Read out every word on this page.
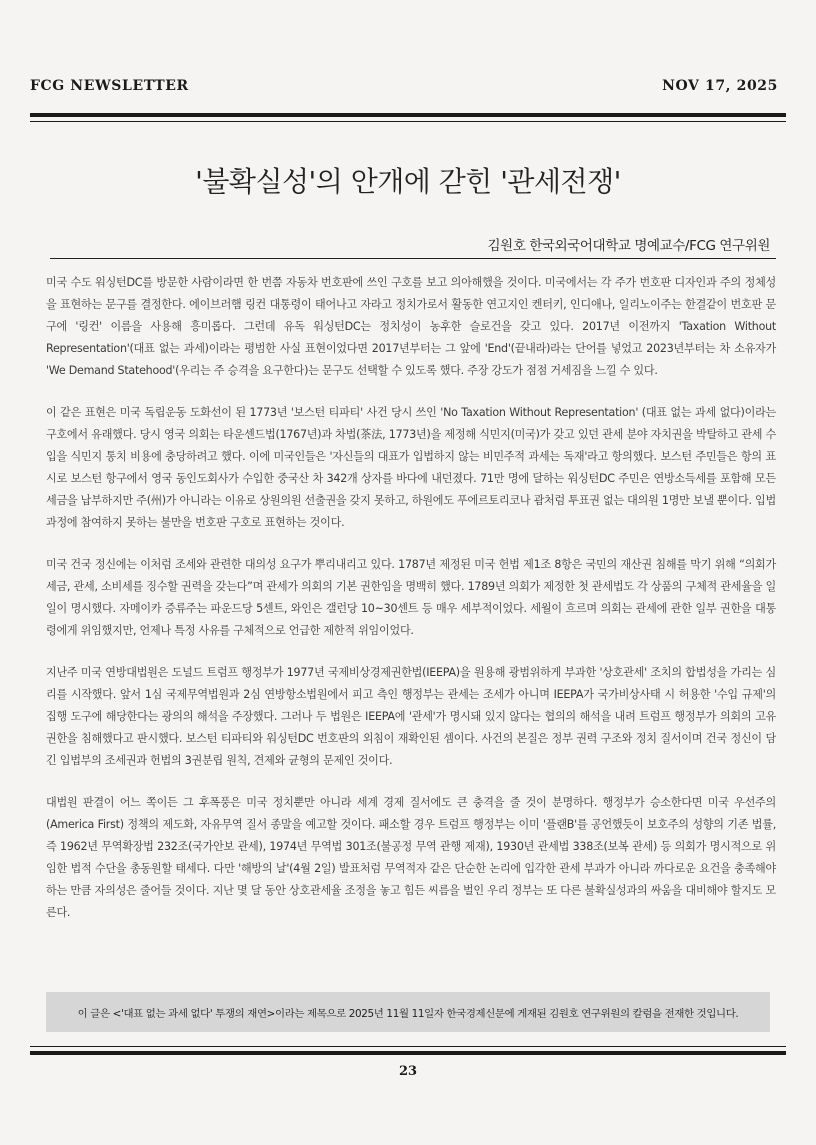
FCG NEWSLETTER	NOV 17, 2025
'불확실성'의 안개에 갇힌 '관세전쟁'
김원호 한국외국어대학교 명예교수/FCG 연구위원

미국 수도 워싱턴DC를 방문한 사람이라면 한 번쯤 자동차 번호판에 쓰인 구호를 보고 의아해했을 것이다. 미국에서는 각 주가 번호판 디자인과 주의 정체성을 표현하는 문구를 결정한다. 에이브러햄 링컨 대통령이 태어나고 자라고 정치가로서 활동한 연고지인 켄터키, 인디애나, 일리노이주는 한결같이 번호판 문구에 '링컨' 이름을 사용해 흥미롭다. 그런데 유독 워싱턴DC는 정치성이 농후한 슬로건을 갖고 있다. 2017년 이전까지 'Taxation Without Representation'(대표 없는 과세)이라는 평범한 사실 표현이었다면 2017년부터는 그 앞에 'End'(끝내라)라는 단어를 넣었고 2023년부터는 차 소유자가 'We Demand Statehood'(우리는 주 승격을 요구한다)는 문구도 선택할 수 있도록 했다. 주장 강도가 점점 거세짐을 느낄 수 있다.

이 같은 표현은 미국 독립운동 도화선이 된 1773년 '보스턴 티파티' 사건 당시 쓰인 'No Taxation Without Representation' (대표 없는 과세 없다)이라는 구호에서 유래했다. 당시 영국 의회는 타운센드법(1767년)과 차법(茶法, 1773년)을 제정해 식민지(미국)가 갖고 있던 관세 분야 자치권을 박탈하고 관세 수입을 식민지 통치 비용에 충당하려고 했다. 이에 미국인들은 '자신들의 대표가 입법하지 않는 비민주적 과세는 독재'라고 항의했다. 보스턴 주민들은 항의 표시로 보스턴 항구에서 영국 동인도회사가 수입한 중국산 차 342개 상자를 바다에 내던졌다. 71만 명에 달하는 워싱턴DC 주민은 연방소득세를 포함해 모든 세금을 납부하지만 주(州)가 아니라는 이유로 상원의원 선출권을 갖지 못하고, 하원에도 푸에르토리코나 괌처럼 투표권 없는 대의원 1명만 보낼 뿐이다. 입법 과정에 참여하지 못하는 불만을 번호판 구호로 표현하는 것이다.

미국 건국 정신에는 이처럼 조세와 관련한 대의성 요구가 뿌리내리고 있다. 1787년 제정된 미국 헌법 제1조 8항은 국민의 재산권 침해를 막기 위해 “의회가 세금, 관세, 소비세를 징수할 권력을 갖는다”며 관세가 의회의 기본 권한임을 명백히 했다. 1789년 의회가 제정한 첫 관세법도 각 상품의 구체적 관세율을 일일이 명시했다. 자메이카 증류주는 파운드당 5센트, 와인은 갤런당 10~30센트 등 매우 세부적이었다. 세월이 흐르며 의회는 관세에 관한 일부 권한을 대통령에게 위임했지만, 언제나 특정 사유를 구체적으로 언급한 제한적 위임이었다.

지난주 미국 연방대법원은 도널드 트럼프 행정부가 1977년 국제비상경제권한법(IEEPA)을 원용해 광범위하게 부과한 '상호관세' 조치의 합법성을 가리는 심리를 시작했다. 앞서 1심 국제무역법원과 2심 연방항소법원에서 피고 측인 행정부는 관세는 조세가 아니며 IEEPA가 국가비상사태 시 허용한 '수입 규제'의 집행 도구에 해당한다는 광의의 해석을 주장했다. 그러나 두 법원은 IEEPA에 '관세'가 명시돼 있지 않다는 협의의 해석을 내려 트럼프 행정부가 의회의 고유 권한을 침해했다고 판시했다. 보스턴 티파티와 워싱턴DC 번호판의 외침이 재확인된 셈이다. 사건의 본질은 정부 권력 구조와 정치 질서이며 건국 정신이 담긴 입법부의 조세권과 헌법의 3권분립 원칙, 견제와 균형의 문제인 것이다.

대법원 판결이 어느 쪽이든 그 후폭풍은 미국 정치뿐만 아니라 세계 경제 질서에도 큰 충격을 줄 것이 분명하다. 행정부가 승소한다면 미국 우선주의(America First) 정책의 제도화, 자유무역 질서 종말을 예고할 것이다. 패소할 경우 트럼프 행정부는 이미 '플랜B'를 공언했듯이 보호주의 성향의 기존 법률, 즉 1962년 무역확장법 232조(국가안보 관세), 1974년 무역법 301조(불공정 무역 관행 제재), 1930년 관세법 338조(보복 관세) 등 의회가 명시적으로 위임한 법적 수단을 총동원할 태세다. 다만 '해방의 날'(4월 2일) 발표처럼 무역적자 같은 단순한 논리에 입각한 관세 부과가 아니라 까다로운 요건을 충족해야 하는 만큼 자의성은 줄어들 것이다. 지난 몇 달 동안 상호관세율 조정을 놓고 힘든 씨름을 벌인 우리 정부는 또 다른 불확실성과의 싸움을 대비해야 할지도 모른다.

이 글은 <'대표 없는 과세 없다' 투쟁의 재연>이라는 제목으로 2025년 11월 11일자 한국경제신문에 게재된 김원호 연구위원의 칼럼을 전재한 것입니다.
23
